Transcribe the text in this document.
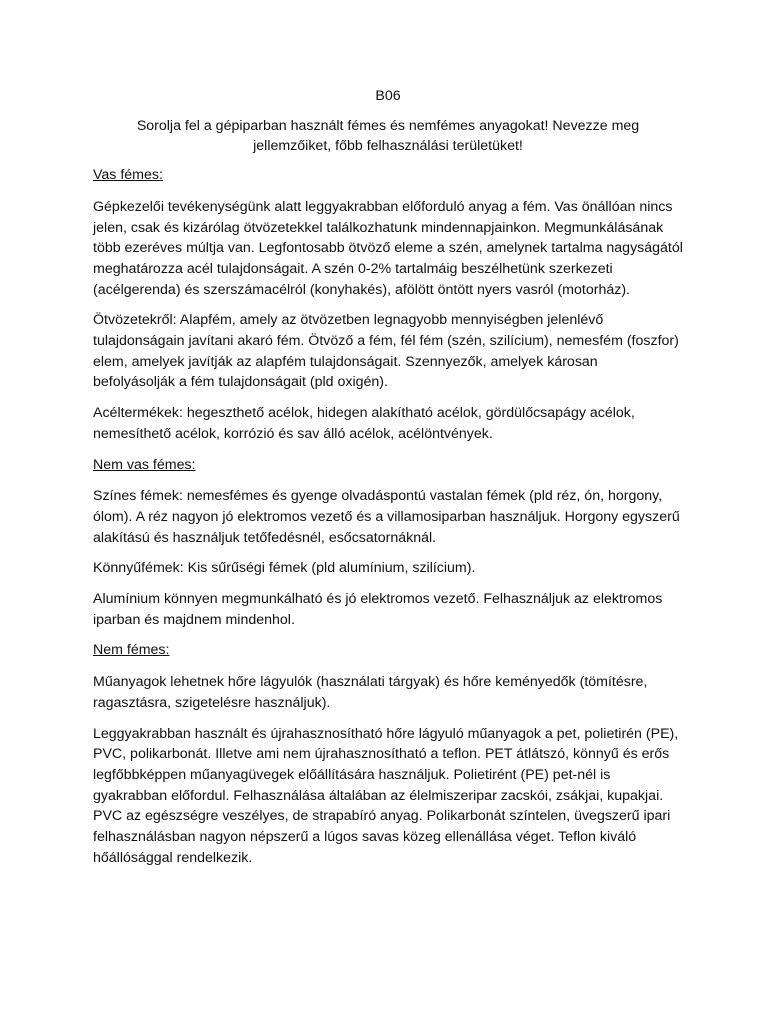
B06

Sorolja fel a gépiparban használt fémes és nemfémes anyagokat! Nevezze meg jellemzőiket, főbb felhasználási területüket!

Vas fémes:

Gépkezelői tevékenységünk alatt leggyakrabban előforduló anyag a fém. Vas önállóan nincs jelen, csak és kizárólag ötvözetekkel találkozhatunk mindennapjainkon. Megmunkálásának több ezeréves múltja van. Legfontosabb ötvöző eleme a szén, amelynek tartalma nagyságától meghatározza acél tulajdonságait. A szén 0-2% tartalmáig beszélhetünk szerkezeti (acélgerenda) és szerszámacélról (konyhakés), afölött öntött nyers vasról (motorház).

Ötvözetekről: Alapfém, amely az ötvözetben legnagyobb mennyiségben jelenlévő tulajdonságain javítani akaró fém. Ötvöző a fém, fél fém (szén, szilícium), nemesfém (foszfor) elem, amelyek javítják az alapfém tulajdonságait. Szennyezők, amelyek károsan befolyásolják a fém tulajdonságait (pld oxigén).

Acéltermékek: hegeszthető acélok, hidegen alakítható acélok, gördülőcsapágy acélok, nemesíthető acélok, korrózió és sav álló acélok, acélöntvények.

Nem vas fémes:

Színes fémek: nemesfémes és gyenge olvadáspontú vastalan fémek (pld réz, ón, horgony, ólom). A réz nagyon jó elektromos vezető és a villamosiparban használjuk. Horgony egyszerű alakítású és használjuk tetőfedésnél, esőcsatornáknál.

Könnyűfémek: Kis sűrűségi fémek (pld alumínium, szilícium).

Alumínium könnyen megmunkálható és jó elektromos vezető. Felhasználjuk az elektromos iparban és majdnem mindenhol.

Nem fémes:

Műanyagok lehetnek hőre lágyulók (használati tárgyak) és hőre keményedők (tömítésre, ragasztásra, szigetelésre használjuk).

Leggyakrabban használt és újrahasznosítható hőre lágyuló műanyagok a pet, polietirén (PE), PVC, polikarbonát. Illetve ami nem újrahasznosítható a teflon. PET átlátszó, könnyű és erős legfőbbképpen műanyagüvegek előállítására használjuk. Polietirént (PE) pet-nél is gyakrabban előfordul. Felhasználása általában az élelmiszeripar zacskói, zsákjai, kupakjai. PVC az egészségre veszélyes, de strapabíró anyag. Polikarbonát színtelen, üvegszerű ipari felhasználásban nagyon népszerű a lúgos savas közeg ellenállása véget. Teflon kiváló hőállósággal rendelkezik.
